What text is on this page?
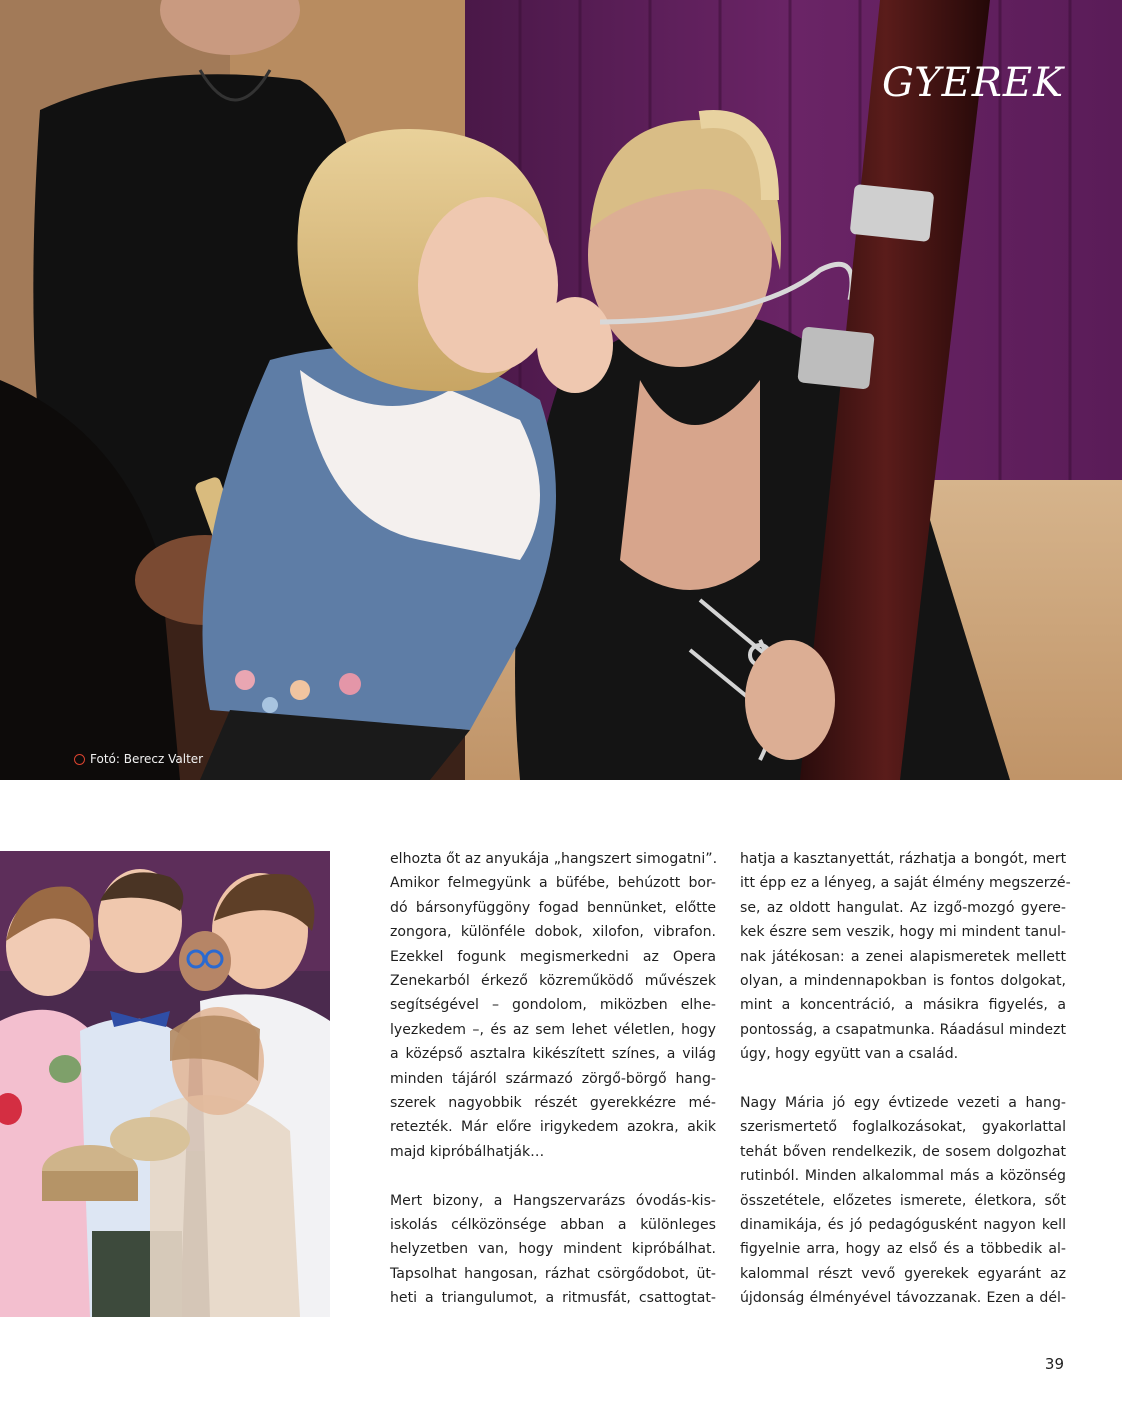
GYEREK
Fotó: Berecz Valter
elhozta őt az anyukája „hangszert simogatni”.
Amikor felmegyünk a büfébe, behúzott bor-
dó bársonyfüggöny fogad bennünket, előtte
zongora, különféle dobok, xilofon, vibrafon.
Ezekkel fogunk megismerkedni az Opera
Zenekarból érkező közreműködő művészek
segítségével – gondolom, miközben elhe-
lyezkedem –, és az sem lehet véletlen, hogy
a középső asztalra kikészített színes, a világ
minden tájáról származó zörgő-börgő hang-
szerek nagyobbik részét gyerekkézre mé-
retezték. Már előre irigykedem azokra, akik
majd kipróbálhatják…
Mert bizony, a Hangszervarázs óvodás-kis-
iskolás célközönsége abban a különleges
helyzetben van, hogy mindent kipróbálhat.
Tapsolhat hangosan, rázhat csörgődobot, üt-
heti a triangulumot, a ritmusfát, csattogtat-
hatja a kasztanyettát, rázhatja a bongót, mert
itt épp ez a lényeg, a saját élmény megszerzé-
se, az oldott hangulat. Az izgő-mozgó gyere-
kek észre sem veszik, hogy mi mindent tanul-
nak játékosan: a zenei alapismeretek mellett
olyan, a mindennapokban is fontos dolgokat,
mint a koncentráció, a másikra figyelés, a
pontosság, a csapatmunka. Ráadásul mindezt
úgy, hogy együtt van a család.
Nagy Mária jó egy évtizede vezeti a hang-
szerismertető foglalkozásokat, gyakorlattal
tehát bőven rendelkezik, de sosem dolgozhat
rutinból. Minden alkalommal más a közönség
összetétele, előzetes ismerete, életkora, sőt
dinamikája, és jó pedagógusként nagyon kell
figyelnie arra, hogy az első és a többedik al-
kalommal részt vevő gyerekek egyaránt az
újdonság élményével távozzanak. Ezen a dél-
39
